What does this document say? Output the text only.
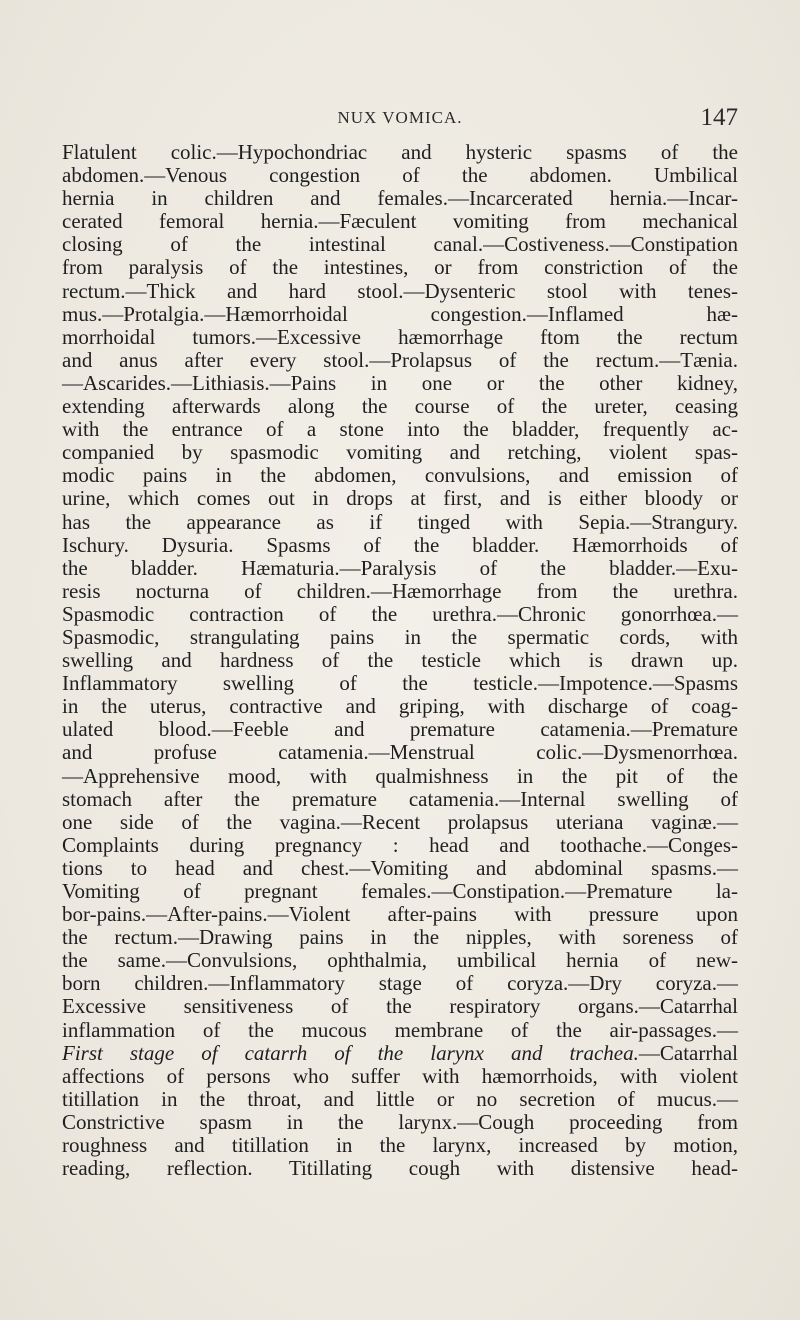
NUX VOMICA.	147
Flatulent colic.—Hypochondriac and hysteric spasms of the
abdomen.—Venous congestion of the abdomen. Umbilical
hernia in children and females.—Incarcerated hernia.—Incar-
cerated femoral hernia.—Fæculent vomiting from mechanical
closing of the intestinal canal.—Costiveness.—Constipation
from paralysis of the intestines, or from constriction of the
rectum.—Thick and hard stool.—Dysenteric stool with tenes-
mus.—Protalgia.—Hæmorrhoidal congestion.—Inflamed hæ-
morrhoidal tumors.—Excessive hæmorrhage ftom the rectum
and anus after every stool.—Prolapsus of the rectum.—Tænia.
—Ascarides.—Lithiasis.—Pains in one or the other kidney,
extending afterwards along the course of the ureter, ceasing
with the entrance of a stone into the bladder, frequently ac-
companied by spasmodic vomiting and retching, violent spas-
modic pains in the abdomen, convulsions, and emission of
urine, which comes out in drops at first, and is either bloody or
has the appearance as if tinged with Sepia.—Strangury.
Ischury. Dysuria. Spasms of the bladder. Hæmorrhoids of
the bladder. Hæmaturia.—Paralysis of the bladder.—Exu-
resis nocturna of children.—Hæmorrhage from the urethra.
Spasmodic contraction of the urethra.—Chronic gonorrhœa.—
Spasmodic, strangulating pains in the spermatic cords, with
swelling and hardness of the testicle which is drawn up.
Inflammatory swelling of the testicle.—Impotence.—Spasms
in the uterus, contractive and griping, with discharge of coag-
ulated blood.—Feeble and premature catamenia.—Premature
and profuse catamenia.—Menstrual colic.—Dysmenorrhœa.
—Apprehensive mood, with qualmishness in the pit of the
stomach after the premature catamenia.—Internal swelling of
one side of the vagina.—Recent prolapsus uteriana vaginæ.—
Complaints during pregnancy : head and toothache.—Conges-
tions to head and chest.—Vomiting and abdominal spasms.—
Vomiting of pregnant females.—Constipation.—Premature la-
bor-pains.—After-pains.—Violent after-pains with pressure upon
the rectum.—Drawing pains in the nipples, with soreness of
the same.—Convulsions, ophthalmia, umbilical hernia of new-
born children.—Inflammatory stage of coryza.—Dry coryza.—
Excessive sensitiveness of the respiratory organs.—Catarrhal
inflammation of the mucous membrane of the air-passages.—
First stage of catarrh of the larynx and trachea.—Catarrhal
affections of persons who suffer with hæmorrhoids, with violent
titillation in the throat, and little or no secretion of mucus.—
Constrictive spasm in the larynx.—Cough proceeding from
roughness and titillation in the larynx, increased by motion,
reading, reflection. Titillating cough with distensive head-
